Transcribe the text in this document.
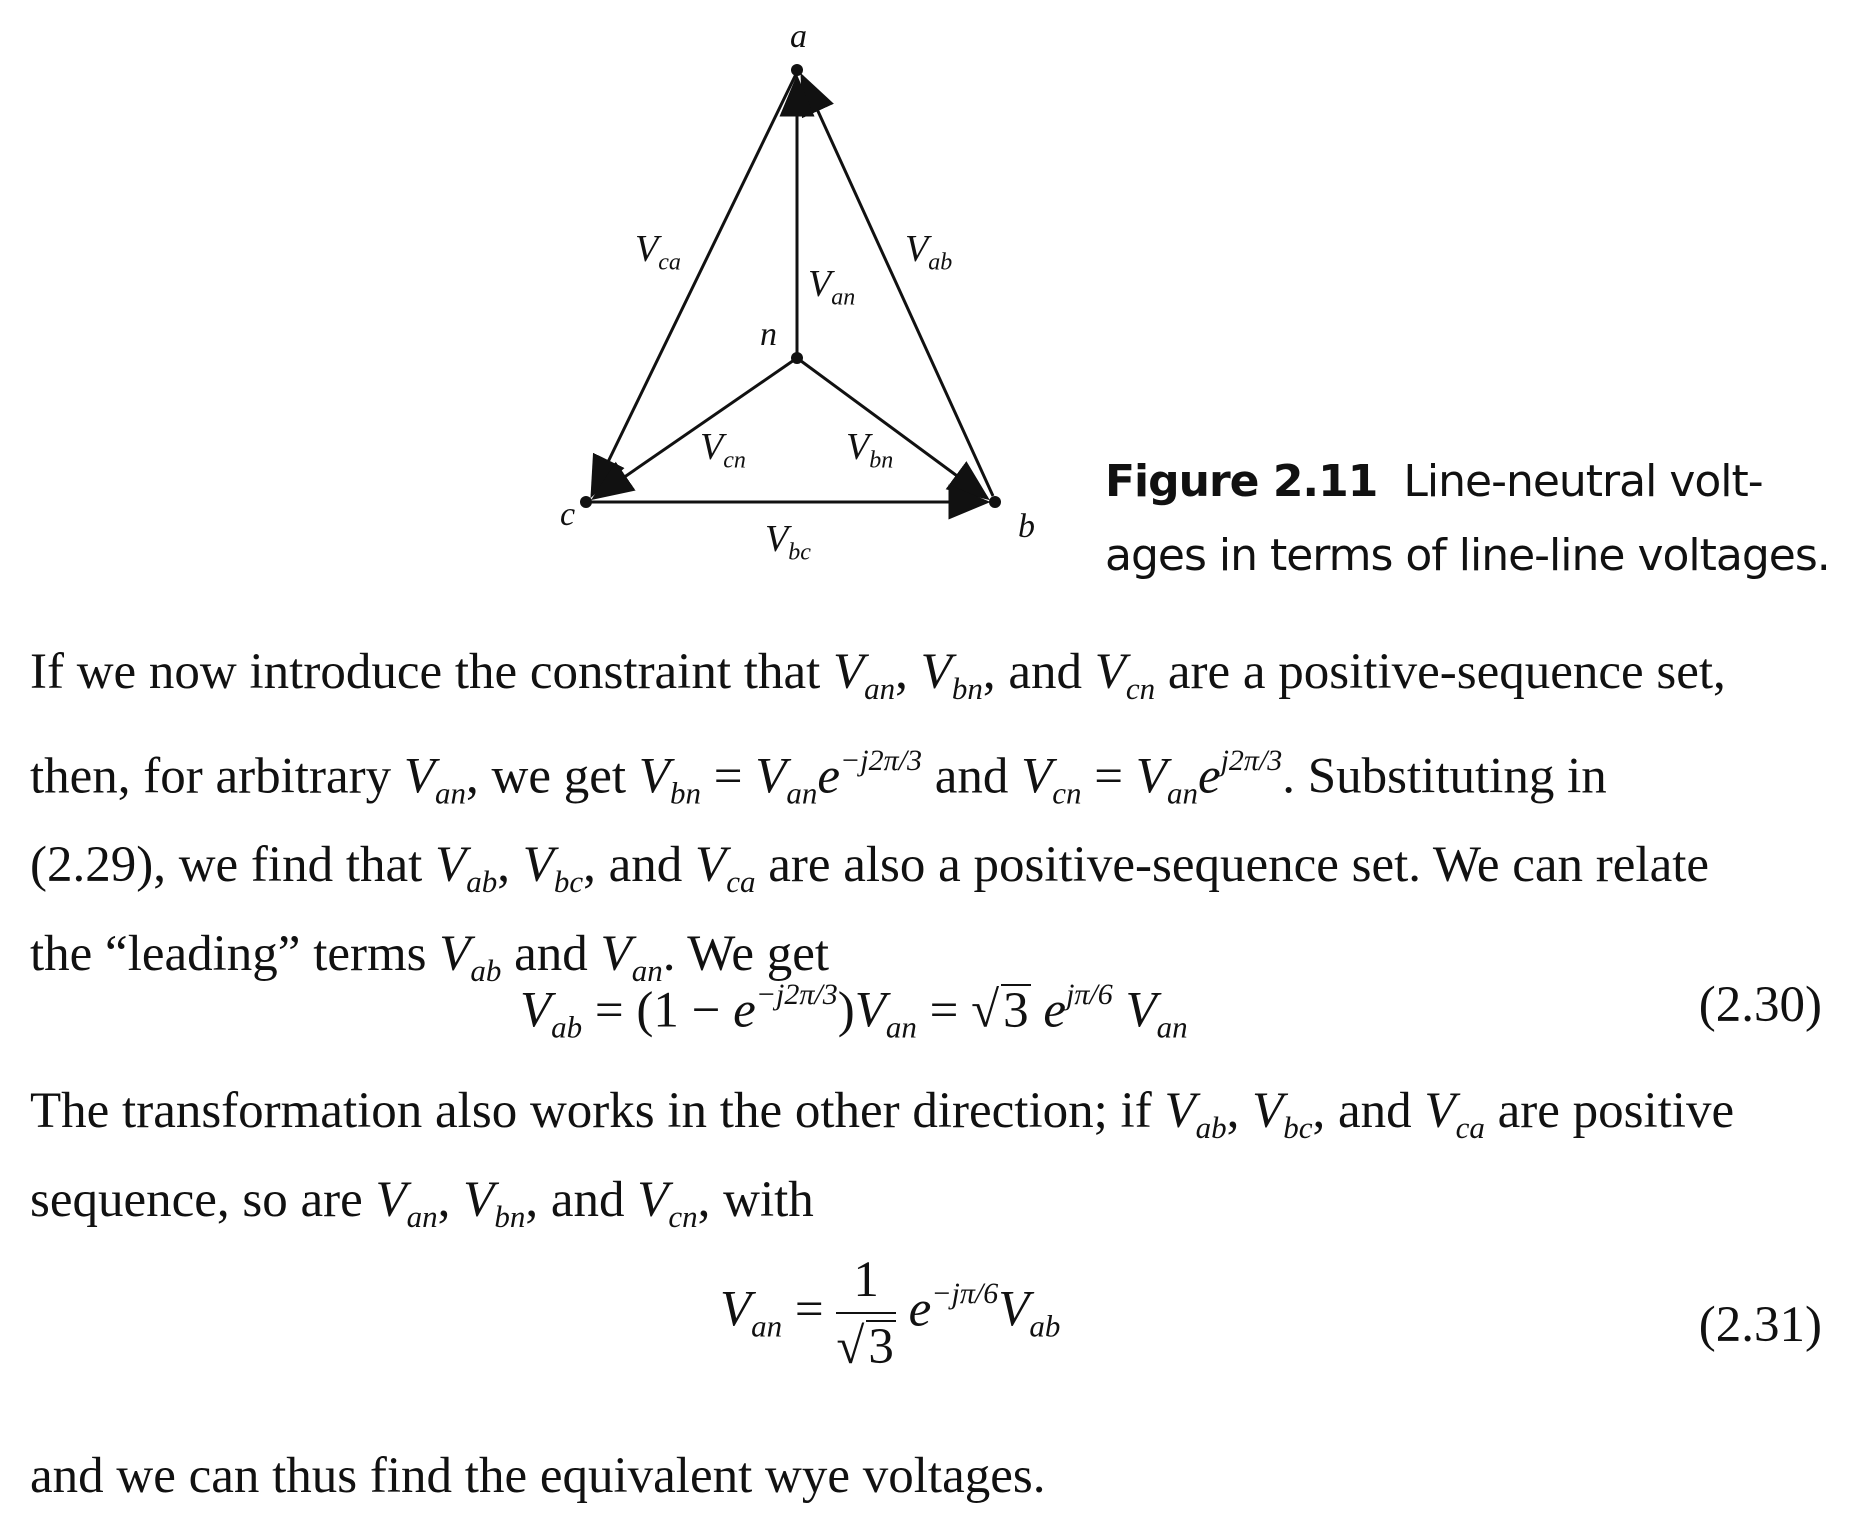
a
b
c
n
$V_{ca}$	$V_{ab}$
$V_{an}$
$V_{cn}$	$V_{bn}$
$V_{bc}$
Figure 2.11 Line-neutral volt-
ages in terms of line-line voltages.
If we now introduce the constraint that $V_{an}$, $V_{bn}$, and $V_{cn}$ are a positive-sequence set,
then, for arbitrary $V_{an}$, we get $V_{bn} = V_{an}e^{-j2\pi/3}$ and $V_{cn} = V_{an}e^{j2\pi/3}$. Substituting in
(2.29), we find that $V_{ab}$, $V_{bc}$, and $V_{ca}$ are also a positive-sequence set. We can relate
the “leading” terms $V_{ab}$ and $V_{an}$. We get
$V_{ab} = (1 - e^{-j2\pi/3})V_{an} = √3$ $e^{j\pi/6}$ $V_{an}$	(2.30)
The transformation also works in the other direction; if $V_{ab}$, $V_{bc}$, and $V_{ca}$ are positive
sequence, so are $V_{an}$, $V_{bn}$, and $V_{cn}$, with
$V_{an} = \frac{1}{√3} e^{-j\pi/6}V_{ab}$	(2.31)
and we can thus find the equivalent wye voltages.
